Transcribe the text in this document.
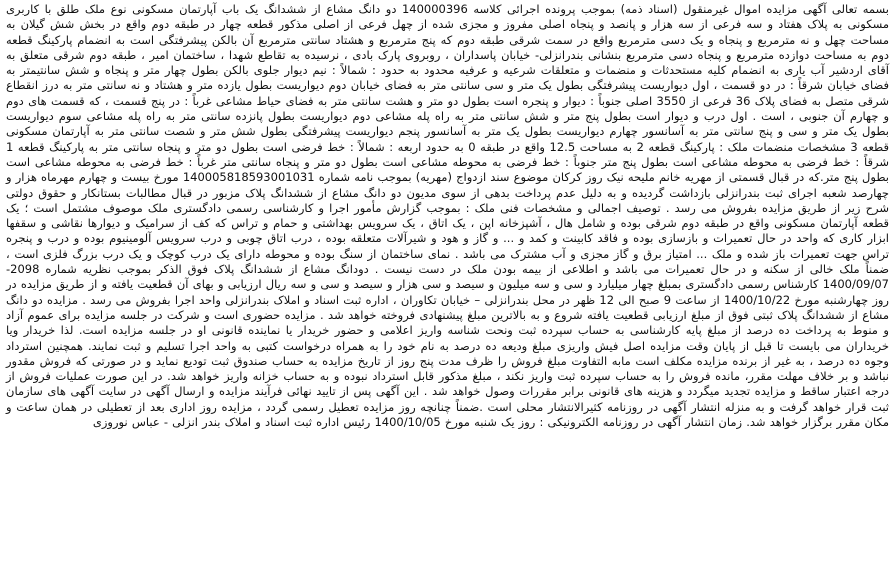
بسمه تعالی آگهی مزایده اموال غیرمنقول (اسناد ذمه) بموجب پرونده اجرائی کلاسه 140000396 دو دانگ مشاع از ششدانگ یک باب آپارتمان مسکونی نوع ملک طلق با کاربری مسکونی به پلاک هفتاد و سه فرعی از سه هزار و پانصد و پنجاه اصلی مفروز و مجزی شده از چهل فرعی از اصلی مذکور قطعه چهار در طبقه دوم واقع در بخش شش گیلان به مساحت چهل و نه مترمربع و پنجاه و یک دسی مترمربع واقع در سمت شرقی طبقه دوم که پنج مترمربع و هشتاد سانتی مترمربع آن بالکن پیشرفتگی است به انضمام پارکینگ قطعه دوم به مساحت دوازده مترمربع و پنجاه دسی مترمربع بنشانی بندرانزلی- خیابان پاسداران ، روبروی پارک بادی ، نرسیده به تقاطع شهدا ، ساختمان امیر ، طبقه دوم شرقی متعلق به آقای اردشیر آب یاری به انضمام کلیه مستحدثات و منضمات و متعلقات شرعیه و عرفیه محدود به حدود : شمالاً : نیم دیوار جلوی بالکن بطول چهار متر و پنجاه و شش سانتیمتر به فضای خیابان شرقاً : در دو قسمت ، اول دیواریست پیشرفتگی بطول یک متر و سی سانتی متر به فضای خیابان دوم دیواریست بطول یازده متر و هشتاد و نه سانتی متر به درز انقطاع شرقی متصل به فضای پلاک 36 فرعی از 3550 اصلی جنوباً : دیوار و پنجره است بطول دو متر و هشت سانتی متر به فضای حیاط مشاعی غرباً : در پنج قسمت ، که قسمت های دوم و چهارم آن جنوبی ، است . اول درب و دیوار است بطول پنج متر و شش سانتی متر به راه پله مشاعی دوم دیواریست بطول پانزده سانتی متر به راه پله مشاعی سوم دیواریست بطول یک متر و سی و پنج سانتی متر به آسانسور چهارم دیواریست بطول یک متر به آسانسور پنجم دیواریست پیشرفتگی بطول شش متر و شصت سانتی متر به آپارتمان مسکونی قطعه 3 مشخصات منضمات ملک : پارکینگ قطعه 2 به مساحت 12.5 واقع در طبقه 0 به حدود اربعه : شمالاً : خط فرضی است بطول دو متر و پنجاه سانتی متر به پارکینگ قطعه 1 شرقاً : خط فرضی به محوطه مشاعی است بطول پنج متر جنوباً : خط فرضی به محوطه مشاعی است بطول دو متر و پنجاه سانتی متر غرباً : خط فرضی به محوطه مشاعی است بطول پنج متر.که در قبال قسمتی از مهریه خانم ملیحه نیک روز کرکان موضوع سند ازدواج (مهریه) بموجب نامه شماره 140005818593001031 مورخ بیست و چهارم مهرماه هزار و چهارصد شعبه اجرای ثبت بندرانزلی بازداشت گردیده و به دلیل عدم پرداخت بدهی از سوی مدیون دو دانگ مشاع از ششدانگ پلاک مزبور در قبال مطالبات بستانکار و حقوق دولتی شرح زیر از طریق مزایده بفروش می رسد . توصیف اجمالی و مشخصات فنی ملک : بموجب گزارش مأمور اجرا و کارشناسی رسمی دادگستری ملک موصوف مشتمل است ؛ یک قطعه آپارتمان مسکونی واقع در طبقه دوم شرقی بوده و شامل هال ، آشپزخانه اپن ، یک اتاق ، یک سرویس بهداشتی و حمام و تراس که کف از سرامیک و دیوارها نقاشی و سقفها ابزار کاری که واحد در حال تعمیرات و بازسازی بوده و فاقد کابینت و کمد و ... و گاز و هود و شیرآلات متعلقه بوده ، درب اتاق چوبی و درب سرویس آلومینیوم بوده و درب و پنجره تراس جهت تعمیرات باز شده و ملک ... امتیاز برق و گاز مجزی و آب مشترک می باشد . نمای ساختمان از سنگ بوده و محوطه دارای یک درب کوچک و یک درب بزرگ فلزی است ، ضمناً ملک خالی از سکنه و در حال تعمیرات می باشد و اطلاعی از بیمه بودن ملک در دست نیست . دودانگ مشاع از ششدانگ پلاک فوق الذکر بموجب نظریه شماره 2098- 1400/09/07 کارشناس رسمی دادگستری بمبلغ چهار میلیارد و سی و سه میلیون و سیصد و سی هزار و سیصد و سی و سه ریال ارزیابی و بهای آن قطعیت یافته و از طریق مزایده در روز چهارشنبه مورخ 1400/10/22 از ساعت 9 صبح الی 12 ظهر در محل بندرانزلی – خیابان تکاوران ، اداره ثبت اسناد و املاک بندرانزلی واحد اجرا بفروش می رسد . مزایده دو دانگ مشاع از ششدانگ پلاک ثبتی فوق از مبلغ ارزیابی قطعیت یافته شروع و به بالاترین مبلغ پیشنهادی فروخته خواهد شد . مزایده حضوری است و شرکت در جلسه مزایده برای عموم آزاد و منوط به پرداخت ده درصد از مبلغ پایه کارشناسی به حساب سپرده ثبت ونحت شناسه واریز اعلامی و حضور خریدار یا نماینده قانونی او در جلسه مزایده است. لذا خریدار ویا خریداران می بایست تا قبل از پایان وقت مزایده اصل فیش واریزی مبلغ ودیعه ده درصد به نام خود را به همراه درخواست کتبی به واحد اجرا تسلیم و ثبت نمایند. همچنین استرداد وجوه ده درصد ، به غیر از برنده مزایده مکلف است مابه التفاوت مبلغ فروش را ظرف مدت پنج روز از تاریخ مزایده به حساب صندوق ثبت تودیع نماید و در صورتی که فروش مقدور نباشد و بر خلاف مهلت مقرر، مانده فروش را به حساب سپرده ثبت واریز نکند ، مبلغ مذکور قابل استرداد نبوده و به حساب خزانه واریز خواهد شد. در این صورت عملیات فروش از درجه اعتبار ساقط و مزایده تجدید میگردد و هزینه های قانونی برابر مقررات وصول خواهد شد . این آگهی پس از تایید نهائی فرآیند مزایده و ارسال آگهی در سایت آگهی های سازمان ثبت قرار خواهد گرفت و به منزله انتشار آگهی در روزنامه کثیرالانتشار محلی است .ضمناً چنانچه روز مزایده تعطیل رسمی گردد ، مزایده روز اداری بعد از تعطیلی در همان ساعت و مکان مقرر برگزار خواهد شد. زمان انتشار آگهی در روزنامه الکترونیکی : روز یک شنبه مورخ 1400/10/05 رئیس اداره ثبت اسناد و املاک بندر انزلی - عباس نوروزی
